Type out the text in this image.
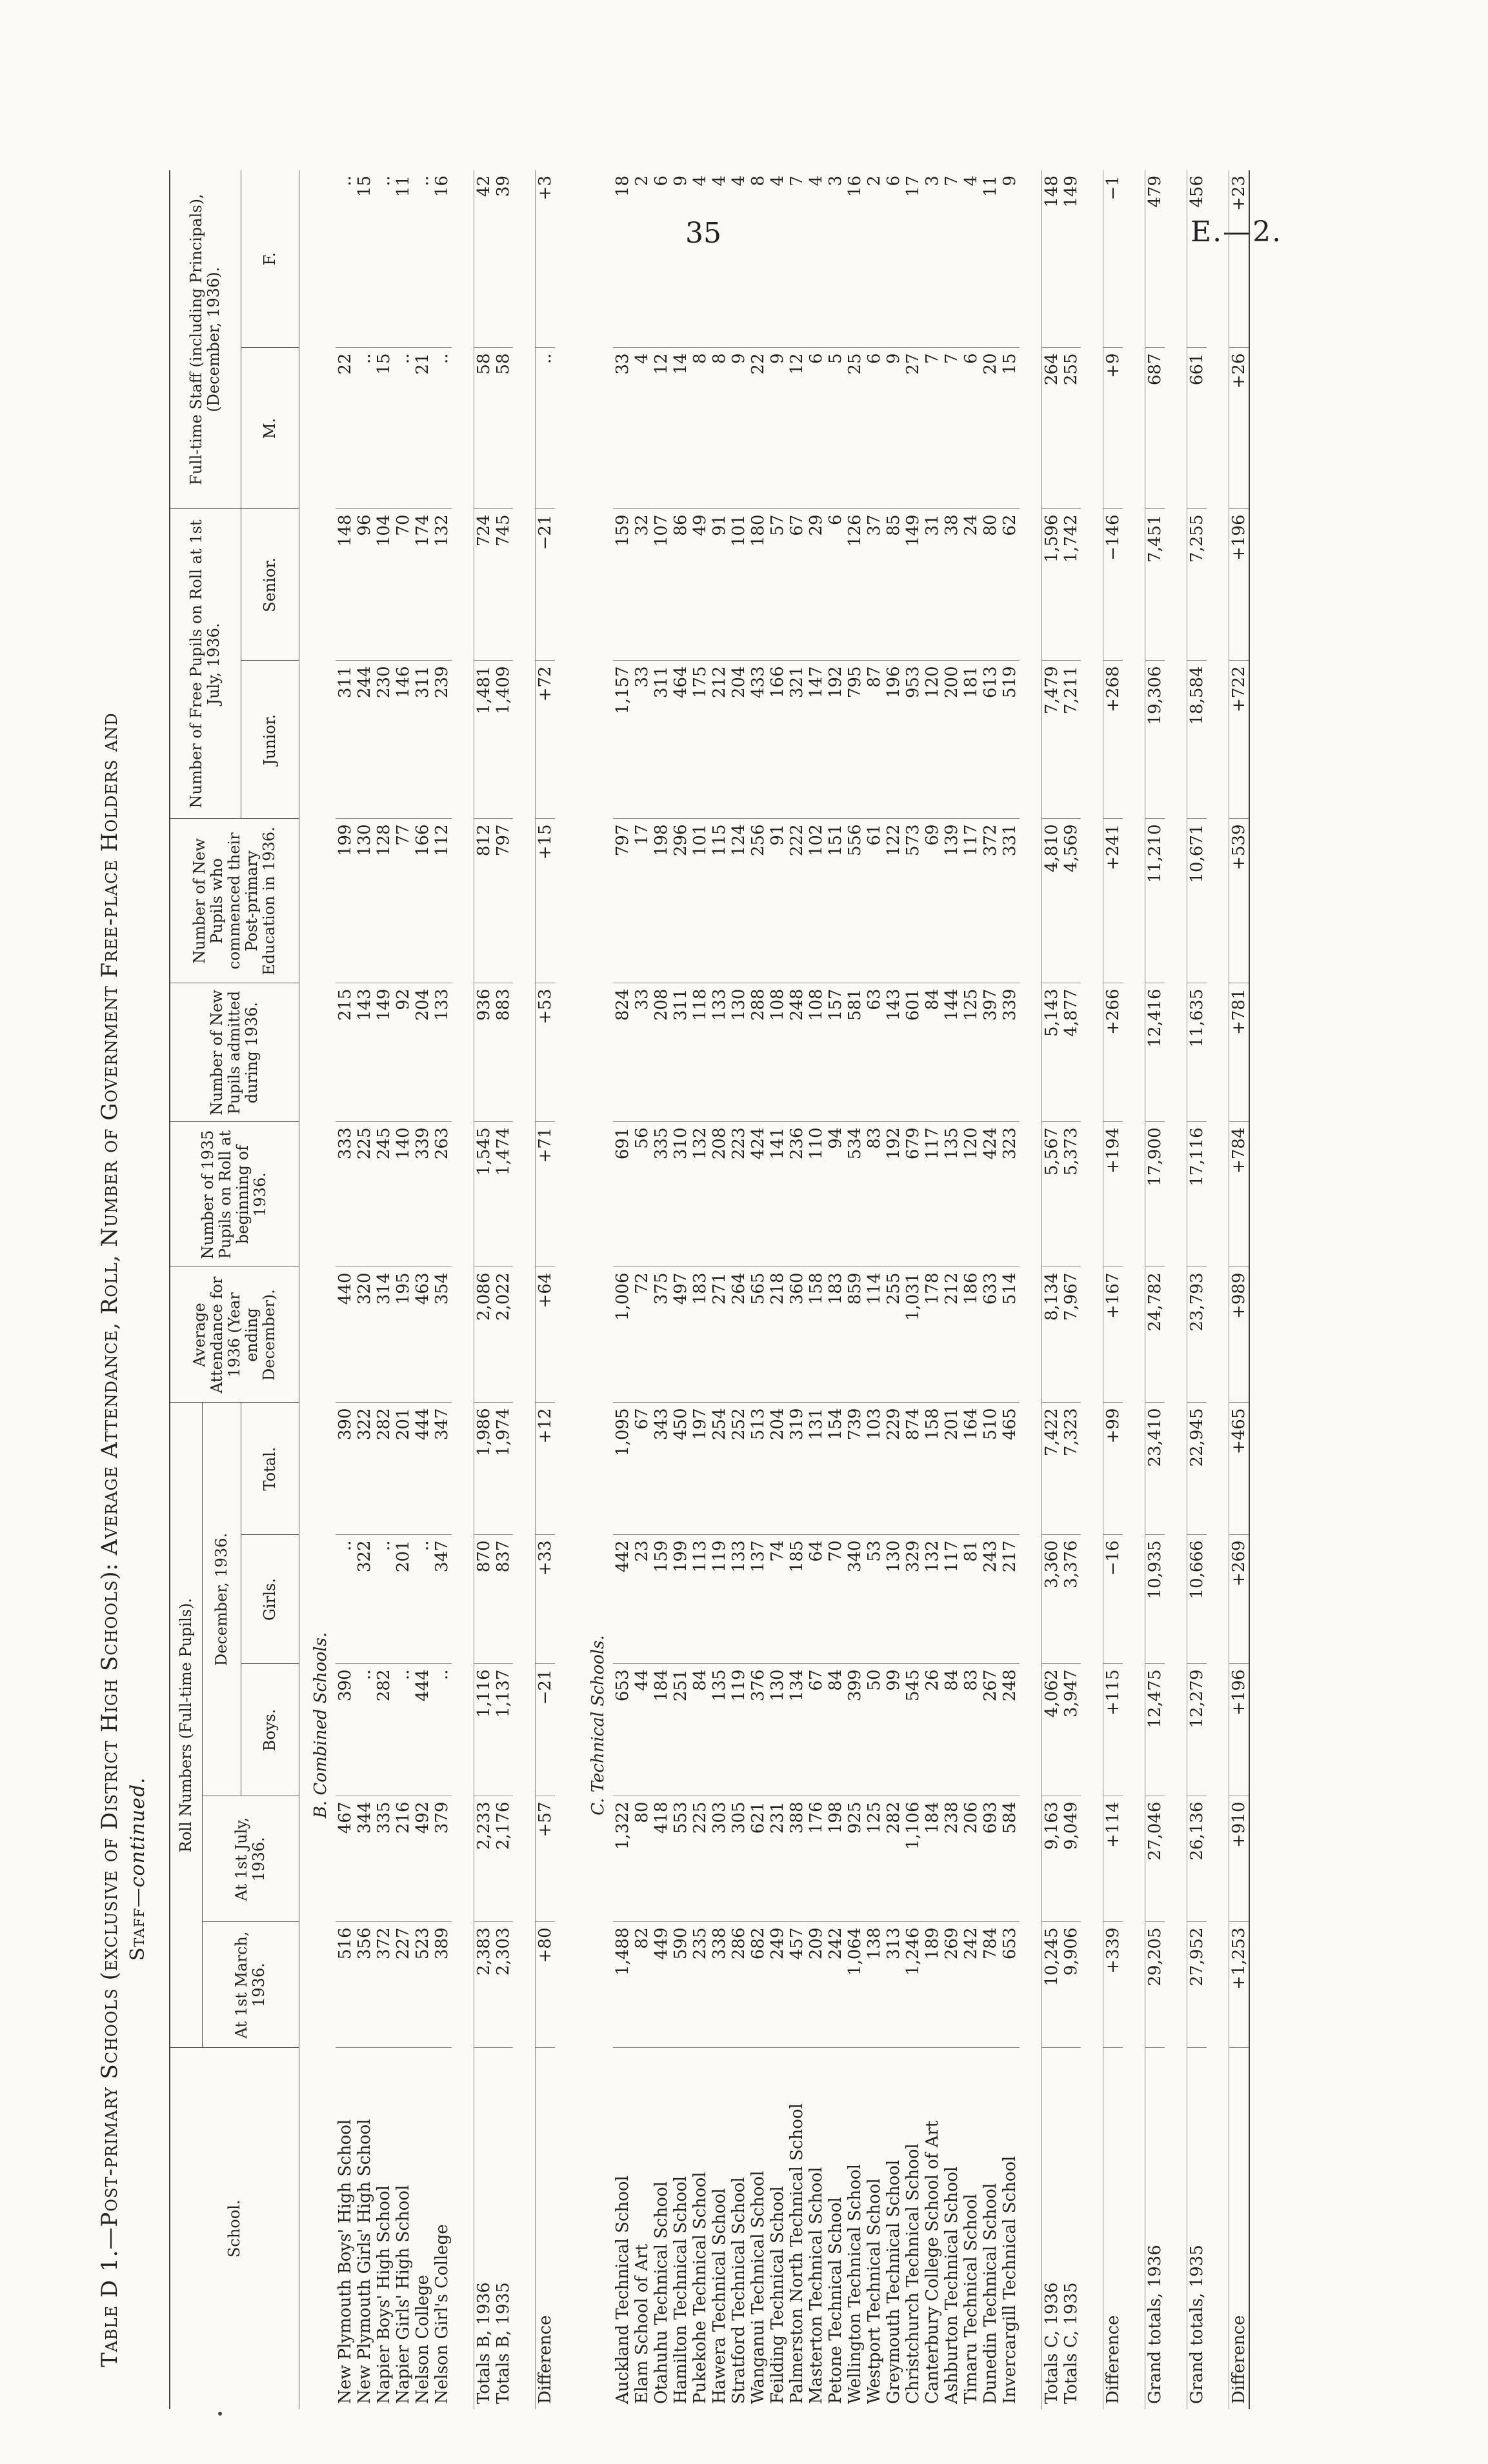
35	E.—2.
Table D 1.—Post-primary Schools (exclusive of District High Schools): Average Attendance, Roll, Number of Government Free-place Holders and Staff—continued.
School.	Roll Numbers (Full-time Pupils).					Average Attendance for 1936 (Year ending December).	Number of 1935 Pupils on Roll at beginning of 1936.	Number of New Pupils admitted during 1936.	Number of New Pupils who commenced their Post-primary Education in 1936.	Number of Free Pupils on Roll at 1st July, 1936.		Full-time Staff (including Principals), (December, 1936).	
	At 1st March, 1936.	At 1st July, 1936.	December, 1936.										
			Boys.	Girls.	Total.					Junior.	Senior.	M.	F.
	B. Combined Schools.												
New Plymouth Boys' High School	516	467	390	..	390	440	333	215	199	311	148	22	..
New Plymouth Girls' High School	356	344	..	322	322	320	225	143	130	244	96	..	15
Napier Boys' High School	372	335	282	..	282	314	245	149	128	230	104	15	..
Napier Girls' High School	227	216	..	201	201	195	140	92	77	146	70	..	11
Nelson College	523	492	444	..	444	463	339	204	166	311	174	21	..
Nelson Girl's College	389	379	..	347	347	354	263	133	112	239	132	..	16

Totals B, 1936	2,383	2,233	1,116	870	1,986	2,086	1,545	936	812	1,481	724	58	42
Totals B, 1935	2,303	2,176	1,137	837	1,974	2,022	1,474	883	797	1,409	745	58	39

Difference	+80	+57	−21	+33	+12	+64	+71	+53	+15	+72	−21	..	+3

	C. Technical Schools.												
Auckland Technical School	1,488	1,322	653	442	1,095	1,006	691	824	797	1,157	159	33	18
Elam School of Art	82	80	44	23	67	72	56	33	17	33	32	4	2
Otahuhu Technical School	449	418	184	159	343	375	335	208	198	311	107	12	6
Hamilton Technical School	590	553	251	199	450	497	310	311	296	464	86	14	9
Pukekohe Technical School	235	225	84	113	197	183	132	118	101	175	49	8	4
Hawera Technical School	338	303	135	119	254	271	208	133	115	212	91	8	4
Stratford Technical School	286	305	119	133	252	264	223	130	124	204	101	9	4
Wanganui Technical School	682	621	376	137	513	565	424	288	256	433	180	22	8
Feilding Technical School	249	231	130	74	204	218	141	108	91	166	57	9	4
Palmerston North Technical School	457	388	134	185	319	360	236	248	222	321	67	12	7
Masterton Technical School	209	176	67	64	131	158	110	108	102	147	29	6	4
Petone Technical School	242	198	84	70	154	183	94	157	151	192	6	5	3
Wellington Technical School	1,064	925	399	340	739	859	534	581	556	795	126	25	16
Westport Technical School	138	125	50	53	103	114	83	63	61	87	37	6	2
Greymouth Technical School	313	282	99	130	229	255	192	143	122	196	85	9	6
Christchurch Technical School	1,246	1,106	545	329	874	1,031	679	601	573	953	149	27	17
Canterbury College School of Art	189	184	26	132	158	178	117	84	69	120	31	7	3
Ashburton Technical School	269	238	84	117	201	212	135	144	139	200	38	7	7
Timaru Technical School	242	206	83	81	164	186	120	125	117	181	24	6	4
Dunedin Technical School	784	693	267	243	510	633	424	397	372	613	80	20	11
Invercargill Technical School	653	584	248	217	465	514	323	339	331	519	62	15	9

Totals C, 1936	10,245	9,163	4,062	3,360	7,422	8,134	5,567	5,143	4,810	7,479	1,596	264	148
Totals C, 1935	9,906	9,049	3,947	3,376	7,323	7,967	5,373	4,877	4,569	7,211	1,742	255	149

Difference	+339	+114	+115	−16	+99	+167	+194	+266	+241	+268	−146	+9	−1

Grand totals, 1936	29,205	27,046	12,475	10,935	23,410	24,782	17,900	12,416	11,210	19,306	7,451	687	479

Grand totals, 1935	27,952	26,136	12,279	10,666	22,945	23,793	17,116	11,635	10,671	18,584	7,255	661	456

Difference	+1,253	+910	+196	+269	+465	+989	+784	+781	+539	+722	+196	+26	+23
